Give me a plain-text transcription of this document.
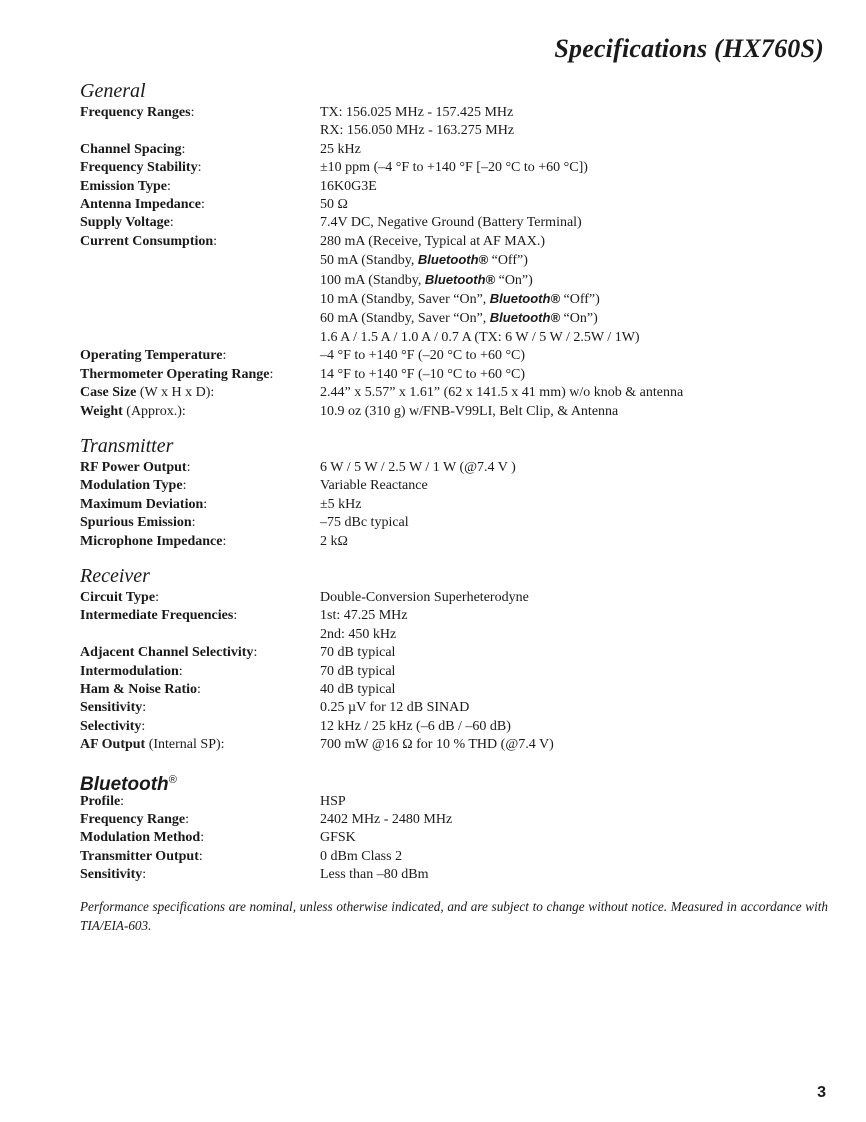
Specifications (HX760S)
General
Frequency Ranges:	TX: 156.025 MHz - 157.425 MHz
RX: 156.050 MHz - 163.275 MHz
Channel Spacing:	25 kHz
Frequency Stability:	±10 ppm (–4 °F to +140 °F [–20 °C to +60 °C])
Emission Type:	16K0G3E
Antenna Impedance:	50 Ω
Supply Voltage:	7.4V DC, Negative Ground (Battery Terminal)
Current Consumption:	280 mA (Receive, Typical at AF MAX.)
50 mA (Standby, Bluetooth® “Off”)
100 mA (Standby, Bluetooth® “On”)
10 mA (Standby, Saver “On”, Bluetooth® “Off”)
60 mA (Standby, Saver “On”, Bluetooth® “On”)
1.6 A / 1.5 A / 1.0 A / 0.7 A (TX: 6 W / 5 W / 2.5W / 1W)
Operating Temperature:	–4 °F to +140 °F (–20 °C to +60 °C)
Thermometer Operating Range:	14 °F to +140 °F (–10 °C to +60 °C)
Case Size (W x H x D):	2.44” x 5.57” x 1.61” (62 x 141.5 x 41 mm) w/o knob & antenna
Weight (Approx.):	10.9 oz (310 g) w/FNB-V99LI, Belt Clip, & Antenna
Transmitter
RF Power Output:	6 W / 5 W / 2.5 W / 1 W (@7.4 V )
Modulation Type:	Variable Reactance
Maximum Deviation:	±5 kHz
Spurious Emission:	–75 dBc typical
Microphone Impedance:	2 kΩ
Receiver
Circuit Type:	Double-Conversion Superheterodyne
Intermediate Frequencies:	1st: 47.25 MHz
2nd: 450 kHz
Adjacent Channel Selectivity:	70 dB typical
Intermodulation:	70 dB typical
Ham & Noise Ratio:	40 dB typical
Sensitivity:	0.25 µV for 12 dB SINAD
Selectivity:	12 kHz / 25 kHz (–6 dB / –60 dB)
AF Output (Internal SP):	700 mW @16 Ω for 10 % THD (@7.4 V)
Bluetooth®
Profile:	HSP
Frequency Range:	2402 MHz - 2480 MHz
Modulation Method:	GFSK
Transmitter Output:	0 dBm Class 2
Sensitivity:	Less than –80 dBm
Performance specifications are nominal, unless otherwise indicated, and are subject to change without notice. Measured in accordance with TIA/EIA-603.
3
